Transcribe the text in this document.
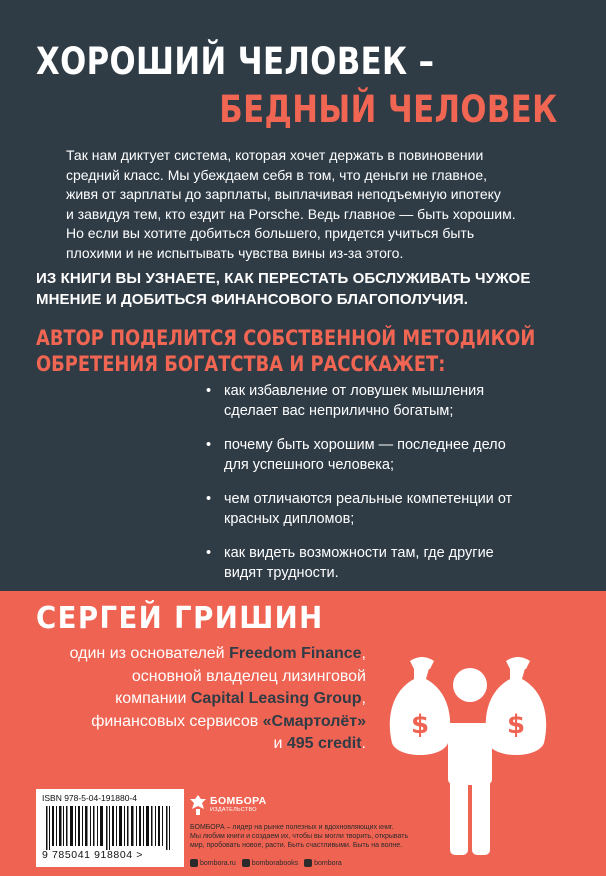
ХОРОШИЙ ЧЕЛОВЕК –
БЕДНЫЙ ЧЕЛОВЕК
Так нам диктует система, которая хочет держать в повиновении
средний класс. Мы убеждаем себя в том, что деньги не главное,
живя от зарплаты до зарплаты, выплачивая неподъемную ипотеку
и завидуя тем, кто ездит на Porsche. Ведь главное — быть хорошим.
Но если вы хотите добиться большего, придется учиться быть
плохими и не испытывать чувства вины из-за этого.
ИЗ КНИГИ ВЫ УЗНАЕТЕ, КАК ПЕРЕСТАТЬ ОБСЛУЖИВАТЬ ЧУЖОЕ
МНЕНИЕ И ДОБИТЬСЯ ФИНАНСОВОГО БЛАГОПОЛУЧИЯ.
АВТОР ПОДЕЛИТСЯ СОБСТВЕННОЙ МЕТОДИКОЙ
ОБРЕТЕНИЯ БОГАТСТВА И РАССКАЖЕТ:
• как избавление от ловушек мышления
сделает вас неприлично богатым;
• почему быть хорошим — последнее дело
для успешного человека;
• чем отличаются реальные компетенции от
красных дипломов;
• как видеть возможности там, где другие
видят трудности.
СЕРГЕЙ ГРИШИН
один из основателей Freedom Finance,
основной владелец лизинговой
компании Capital Leasing Group,
финансовых сервисов «Смартолёт»
и 495 credit.
$	$
ISBN 978-5-04-191880-4
9 785041 918804 >
БОМБОРА
ИЗДАТЕЛЬСТВО
БОМБОРА – лидер на рынке полезных и вдохновляющих книг.
Мы любим книги и создаем их, чтобы вы могли творить, открывать
мир, пробовать новое, расти. Быть счастливыми. Быть на волне.
bombora.ru	bomborabooks	bombora
